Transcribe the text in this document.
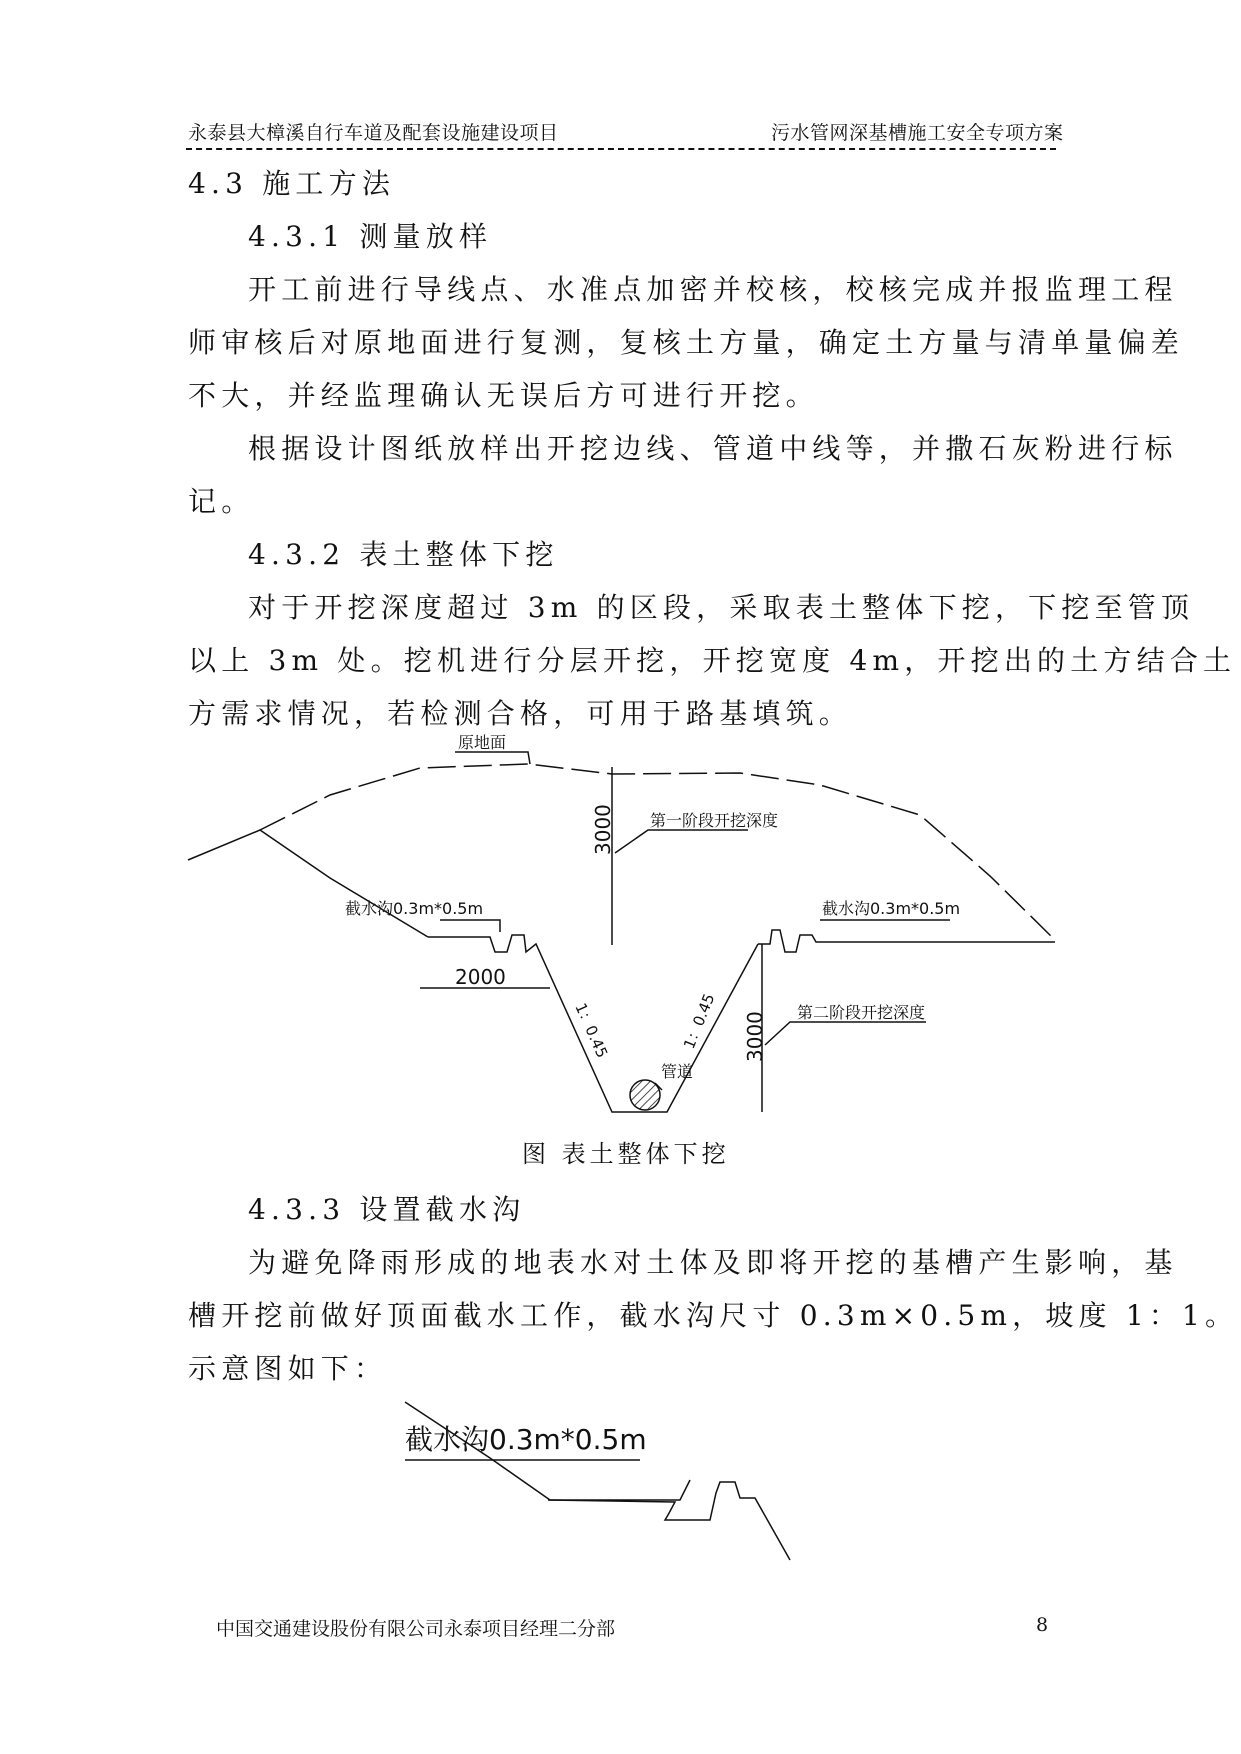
永泰县大樟溪自行车道及配套设施建设项目	污水管网深基槽施工安全专项方案
4.3 施工方法
4.3.1 测量放样
开工前进行导线点、水准点加密并校核，校核完成并报监理工程
师审核后对原地面进行复测，复核土方量，确定土方量与清单量偏差
不大，并经监理确认无误后方可进行开挖。
根据设计图纸放样出开挖边线、管道中线等，并撒石灰粉进行标
记。
4.3.2 表土整体下挖
对于开挖深度超过 3m 的区段，采取表土整体下挖，下挖至管顶
以上 3m 处。挖机进行分层开挖，开挖宽度 4m，开挖出的土方结合土
方需求情况，若检测合格，可用于路基填筑。
原地面
第一阶段开挖深度
3000
截水沟0.3m*0.5m	截水沟0.3m*0.5m
2000
1：0.45	1：0.45
管道
3000 第二阶段开挖深度
图 表土整体下挖
4.3.3 设置截水沟
为避免降雨形成的地表水对土体及即将开挖的基槽产生影响，基
槽开挖前做好顶面截水工作，截水沟尺寸 0.3m×0.5m，坡度 1：1。
示意图如下：
截水沟0.3m*0.5m
中国交通建设股份有限公司永泰项目经理二分部	8
